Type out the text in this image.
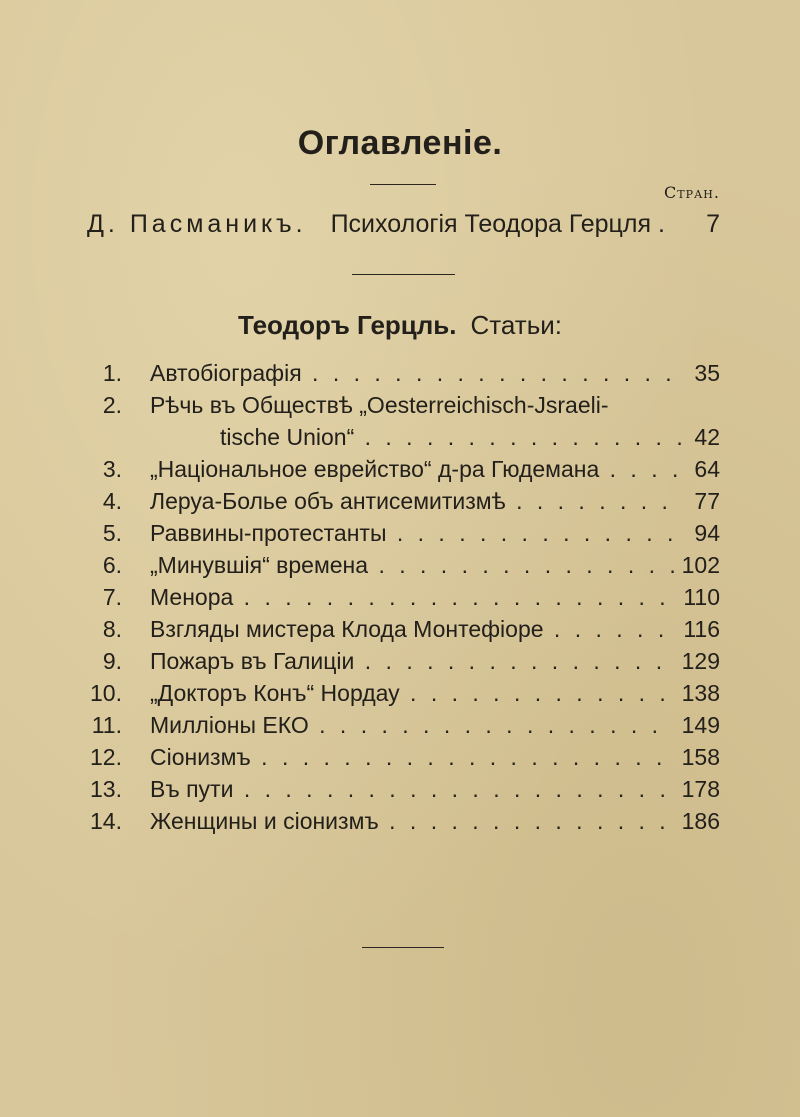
Оглавленіе.
Стран.
Д. Пасманикъ. Психологія Теодора Герцля .	7
Теодоръ Герцль. Статьи:
1. Автобіографія . . .	35
2. Рѣчь въ Обществѣ „Oesterreichisch-Jsraeli-
tische Union“ . . .	42
3. „Національное еврейство“ д-ра Гюдемана . . .	64
4. Леруа-Болье объ антисемитизмѣ . . .	77
5. Раввины-протестанты . . .	94
6. „Минувшія“ времена . . .	102
7. Менора . . .	110
8. Взгляды мистера Клода Монтефіоре . . .	116
9. Пожаръ въ Галиціи . . .	129
10. „Докторъ Конъ“ Нордау . . .	138
11. Милліоны ЕКО . . .	149
12. Сіонизмъ . . .	158
13. Въ пути . . .	178
14. Женщины и сіонизмъ . . .	186
